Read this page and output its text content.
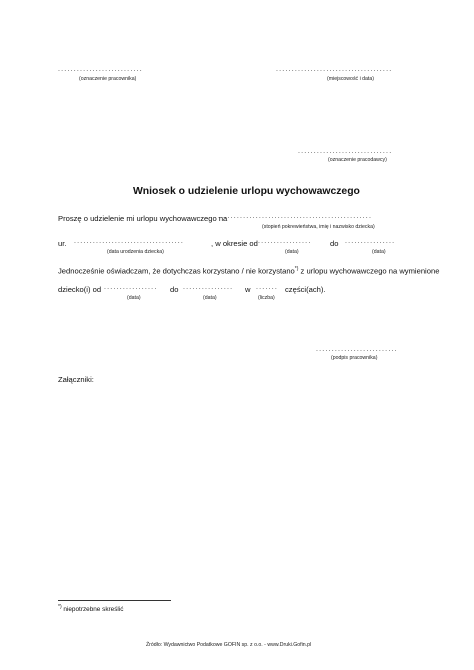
...........................
(oznaczenie pracownika)
.....................................
(miejscowość i data)
..............................
(oznaczenie pracodawcy)
Wniosek o udzielenie urlopu wychowawczego
Proszę o udzielenie mi urlopu wychowawczego na
.................................................
(stopień pokrewieństwa, imię i nazwisko dziecka)
ur. ...................................	, w okresie od ................. do ................
(data urodzenia dziecka)	(data)	(data)
Jednocześnie oświadczam, że dotychczas korzystano / nie korzystano*) z urlopu wychowawczego na wymienione
dziecko(i) od ................. do ................ w ....... części(ach).
(data)	(data)	(liczba)
..........................
(podpis pracownika)
Załączniki:
*) niepotrzebne skreślić
Źródło: Wydawnictwo Podatkowe GOFIN sp. z o.o. - www.Druki.Gofin.pl
